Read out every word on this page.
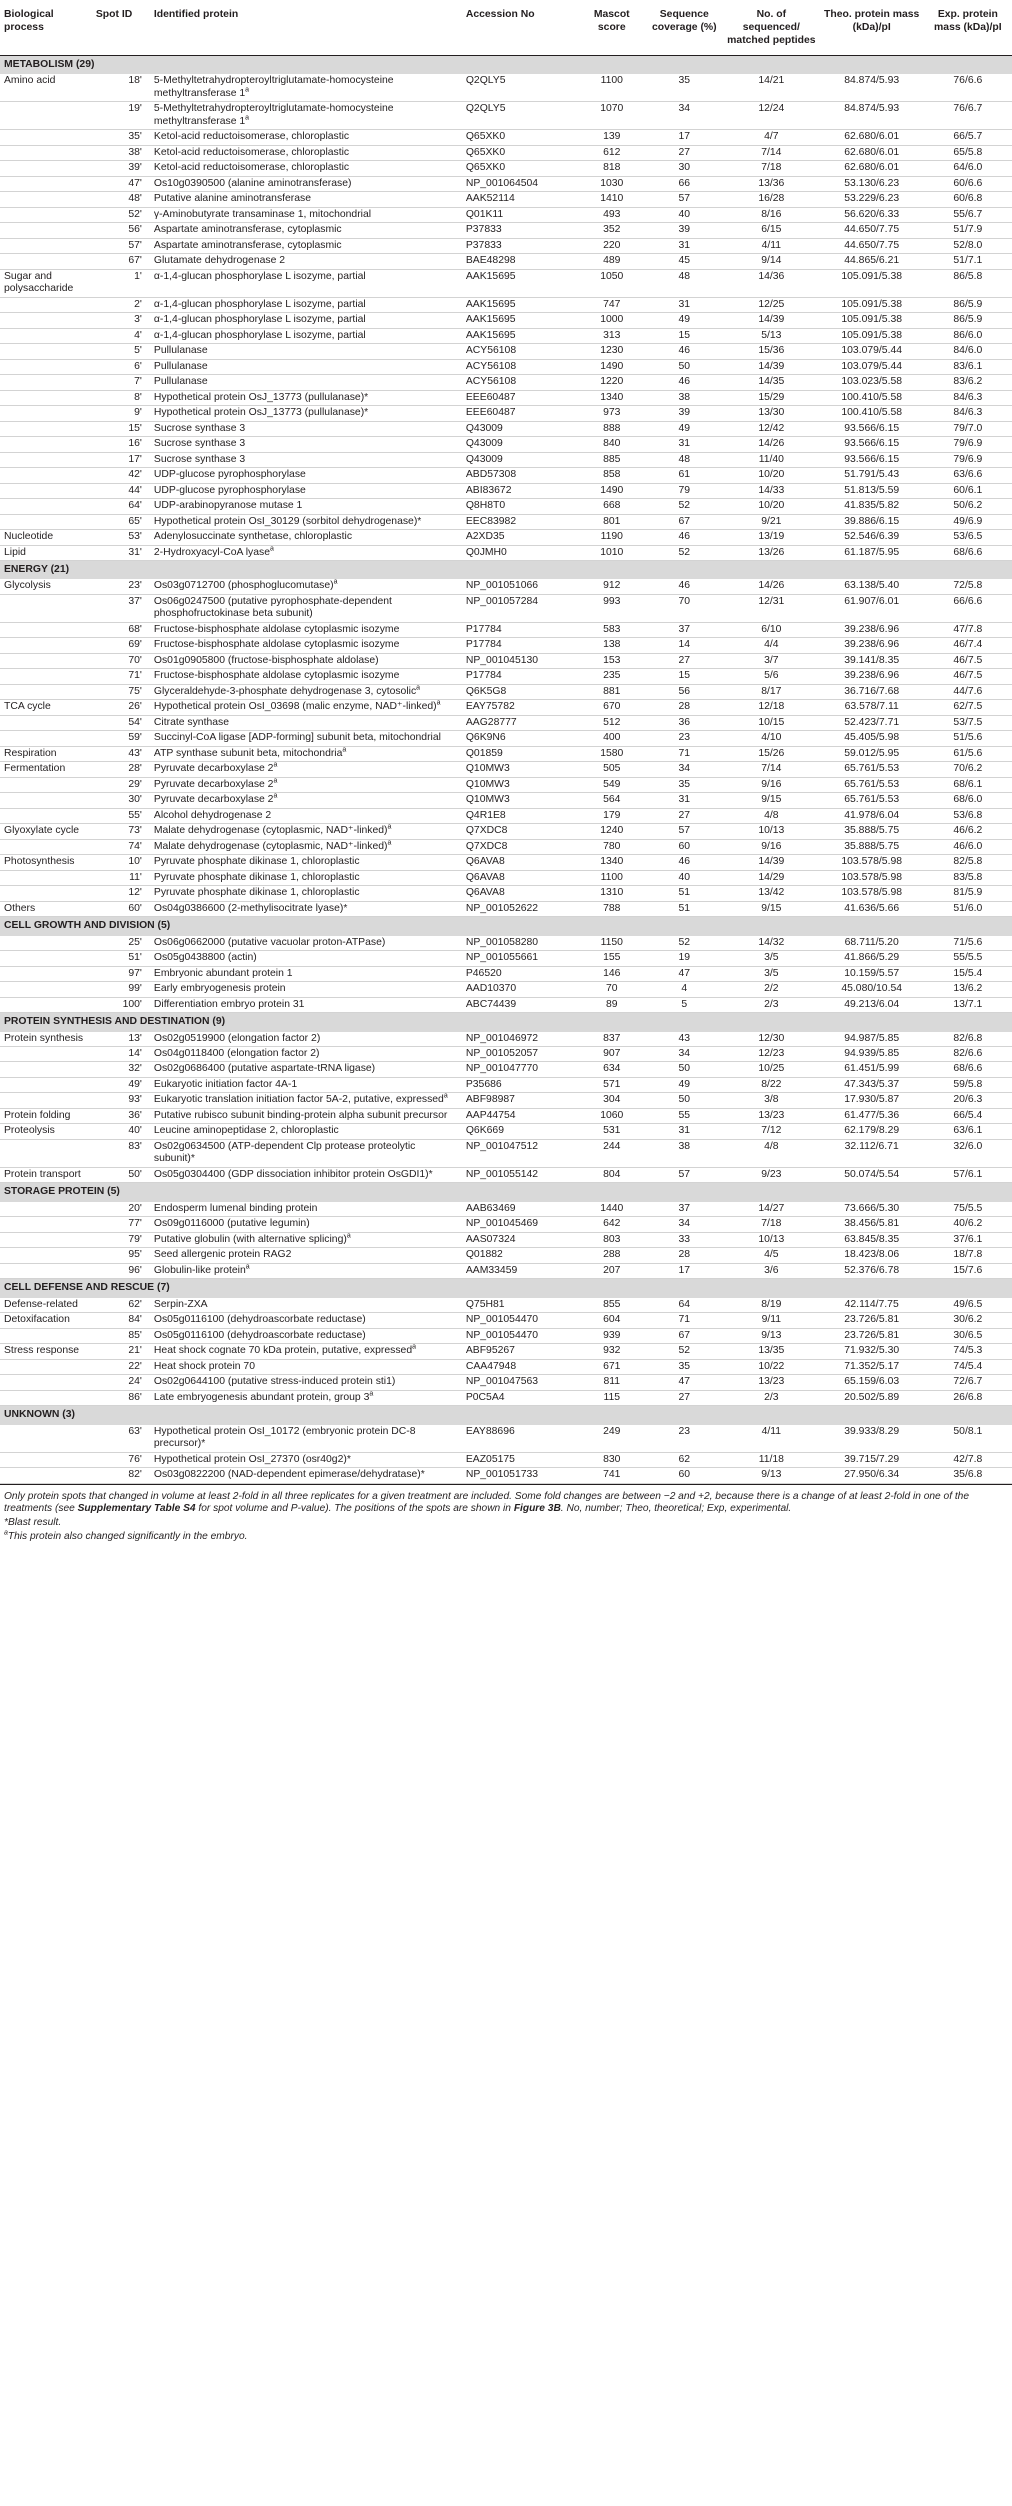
Biological process	Spot ID	Identified protein	Accession No	Mascot score	Sequence coverage (%)	No. of sequenced/ matched peptides	Theo. protein mass (kDa)/pI	Exp. protein mass (kDa)/pI
METABOLISM (29)								
Amino acid	18'	5-Methyltetrahydropteroyltriglutamate-homocysteine methyltransferase 1$^a$	Q2QLY5	1100	35	14/21	84.874/5.93	76/6.6
	19'	5-Methyltetrahydropteroyltriglutamate-homocysteine methyltransferase 1$^a$	Q2QLY5	1070	34	12/24	84.874/5.93	76/6.7
	35'	Ketol-acid reductoisomerase, chloroplastic	Q65XK0	139	17	4/7	62.680/6.01	66/5.7
	38'	Ketol-acid reductoisomerase, chloroplastic	Q65XK0	612	27	7/14	62.680/6.01	65/5.8
	39'	Ketol-acid reductoisomerase, chloroplastic	Q65XK0	818	30	7/18	62.680/6.01	64/6.0
	47'	Os10g0390500 (alanine aminotransferase)	NP_001064504	1030	66	13/36	53.130/6.23	60/6.6
	48'	Putative alanine aminotransferase	AAK52114	1410	57	16/28	53.229/6.23	60/6.8
	52'	γ-Aminobutyrate transaminase 1, mitochondrial	Q01K11	493	40	8/16	56.620/6.33	55/6.7
	56'	Aspartate aminotransferase, cytoplasmic	P37833	352	39	6/15	44.650/7.75	51/7.9
	57'	Aspartate aminotransferase, cytoplasmic	P37833	220	31	4/11	44.650/7.75	52/8.0
	67'	Glutamate dehydrogenase 2	BAE48298	489	45	9/14	44.865/6.21	51/7.1
Sugar and polysaccharide	1'	α-1,4-glucan phosphorylase L isozyme, partial	AAK15695	1050	48	14/36	105.091/5.38	86/5.8
	2'	α-1,4-glucan phosphorylase L isozyme, partial	AAK15695	747	31	12/25	105.091/5.38	86/5.9
	3'	α-1,4-glucan phosphorylase L isozyme, partial	AAK15695	1000	49	14/39	105.091/5.38	86/5.9
	4'	α-1,4-glucan phosphorylase L isozyme, partial	AAK15695	313	15	5/13	105.091/5.38	86/6.0
	5'	Pullulanase	ACY56108	1230	46	15/36	103.079/5.44	84/6.0
	6'	Pullulanase	ACY56108	1490	50	14/39	103.079/5.44	83/6.1
	7'	Pullulanase	ACY56108	1220	46	14/35	103.023/5.58	83/6.2
	8'	Hypothetical protein OsJ_13773 (pullulanase)*	EEE60487	1340	38	15/29	100.410/5.58	84/6.3
	9'	Hypothetical protein OsJ_13773 (pullulanase)*	EEE60487	973	39	13/30	100.410/5.58	84/6.3
	15'	Sucrose synthase 3	Q43009	888	49	12/42	93.566/6.15	79/7.0
	16'	Sucrose synthase 3	Q43009	840	31	14/26	93.566/6.15	79/6.9
	17'	Sucrose synthase 3	Q43009	885	48	11/40	93.566/6.15	79/6.9
	42'	UDP-glucose pyrophosphorylase	ABD57308	858	61	10/20	51.791/5.43	63/6.6
	44'	UDP-glucose pyrophosphorylase	ABI83672	1490	79	14/33	51.813/5.59	60/6.1
	64'	UDP-arabinopyranose mutase 1	Q8H8T0	668	52	10/20	41.835/5.82	50/6.2
	65'	Hypothetical protein OsI_30129 (sorbitol dehydrogenase)*	EEC83982	801	67	9/21	39.886/6.15	49/6.9
Nucleotide	53'	Adenylosuccinate synthetase, chloroplastic	A2XD35	1190	46	13/19	52.546/6.39	53/6.5
Lipid	31'	2-Hydroxyacyl-CoA lyase$^a$	Q0JMH0	1010	52	13/26	61.187/5.95	68/6.6
ENERGY (21)								
Glycolysis	23'	Os03g0712700 (phosphoglucomutase)$^a$	NP_001051066	912	46	14/26	63.138/5.40	72/5.8
	37'	Os06g0247500 (putative pyrophosphate-dependent phosphofructokinase beta subunit)	NP_001057284	993	70	12/31	61.907/6.01	66/6.6
	68'	Fructose-bisphosphate aldolase cytoplasmic isozyme	P17784	583	37	6/10	39.238/6.96	47/7.8
	69'	Fructose-bisphosphate aldolase cytoplasmic isozyme	P17784	138	14	4/4	39.238/6.96	46/7.4
	70'	Os01g0905800 (fructose-bisphosphate aldolase)	NP_001045130	153	27	3/7	39.141/8.35	46/7.5
	71'	Fructose-bisphosphate aldolase cytoplasmic isozyme	P17784	235	15	5/6	39.238/6.96	46/7.5
	75'	Glyceraldehyde-3-phosphate dehydrogenase 3, cytosolic$^a$	Q6K5G8	881	56	8/17	36.716/7.68	44/7.6
TCA cycle	26'	Hypothetical protein OsI_03698 (malic enzyme, NAD⁺-linked)$^a$	EAY75782	670	28	12/18	63.578/7.11	62/7.5
	54'	Citrate synthase	AAG28777	512	36	10/15	52.423/7.71	53/7.5
	59'	Succinyl-CoA ligase [ADP-forming] subunit beta, mitochondrial	Q6K9N6	400	23	4/10	45.405/5.98	51/5.6
Respiration	43'	ATP synthase subunit beta, mitochondria$^a$	Q01859	1580	71	15/26	59.012/5.95	61/5.6
Fermentation	28'	Pyruvate decarboxylase 2$^a$	Q10MW3	505	34	7/14	65.761/5.53	70/6.2
	29'	Pyruvate decarboxylase 2$^a$	Q10MW3	549	35	9/16	65.761/5.53	68/6.1
	30'	Pyruvate decarboxylase 2$^a$	Q10MW3	564	31	9/15	65.761/5.53	68/6.0
	55'	Alcohol dehydrogenase 2	Q4R1E8	179	27	4/8	41.978/6.04	53/6.8
Glyoxylate cycle	73'	Malate dehydrogenase (cytoplasmic, NAD⁺-linked)$^a$	Q7XDC8	1240	57	10/13	35.888/5.75	46/6.2
	74'	Malate dehydrogenase (cytoplasmic, NAD⁺-linked)$^a$	Q7XDC8	780	60	9/16	35.888/5.75	46/6.0
Photosynthesis	10'	Pyruvate phosphate dikinase 1, chloroplastic	Q6AVA8	1340	46	14/39	103.578/5.98	82/5.8
	11'	Pyruvate phosphate dikinase 1, chloroplastic	Q6AVA8	1100	40	14/29	103.578/5.98	83/5.8
	12'	Pyruvate phosphate dikinase 1, chloroplastic	Q6AVA8	1310	51	13/42	103.578/5.98	81/5.9
Others	60'	Os04g0386600 (2-methylisocitrate lyase)*	NP_001052622	788	51	9/15	41.636/5.66	51/6.0
CELL GROWTH AND DIVISION (5)								
	25'	Os06g0662000 (putative vacuolar proton-ATPase)	NP_001058280	1150	52	14/32	68.711/5.20	71/5.6
	51'	Os05g0438800 (actin)	NP_001055661	155	19	3/5	41.866/5.29	55/5.5
	97'	Embryonic abundant protein 1	P46520	146	47	3/5	10.159/5.57	15/5.4
	99'	Early embryogenesis protein	AAD10370	70	4	2/2	45.080/10.54	13/6.2
	100'	Differentiation embryo protein 31	ABC74439	89	5	2/3	49.213/6.04	13/7.1
PROTEIN SYNTHESIS AND DESTINATION (9)								
Protein synthesis	13'	Os02g0519900 (elongation factor 2)	NP_001046972	837	43	12/30	94.987/5.85	82/6.8
	14'	Os04g0118400 (elongation factor 2)	NP_001052057	907	34	12/23	94.939/5.85	82/6.6
	32'	Os02g0686400 (putative aspartate-tRNA ligase)	NP_001047770	634	50	10/25	61.451/5.99	68/6.6
	49'	Eukaryotic initiation factor 4A-1	P35686	571	49	8/22	47.343/5.37	59/5.8
	93'	Eukaryotic translation initiation factor 5A-2, putative, expressed$^a$	ABF98987	304	50	3/8	17.930/5.87	20/6.3
Protein folding	36'	Putative rubisco subunit binding-protein alpha subunit precursor	AAP44754	1060	55	13/23	61.477/5.36	66/5.4
Proteolysis	40'	Leucine aminopeptidase 2, chloroplastic	Q6K669	531	31	7/12	62.179/8.29	63/6.1
	83'	Os02g0634500 (ATP-dependent Clp protease proteolytic subunit)*	NP_001047512	244	38	4/8	32.112/6.71	32/6.0
Protein transport	50'	Os05g0304400 (GDP dissociation inhibitor protein OsGDI1)*	NP_001055142	804	57	9/23	50.074/5.54	57/6.1
STORAGE PROTEIN (5)								
	20'	Endosperm lumenal binding protein	AAB63469	1440	37	14/27	73.666/5.30	75/5.5
	77'	Os09g0116000 (putative legumin)	NP_001045469	642	34	7/18	38.456/5.81	40/6.2
	79'	Putative globulin (with alternative splicing)$^a$	AAS07324	803	33	10/13	63.845/8.35	37/6.1
	95'	Seed allergenic protein RAG2	Q01882	288	28	4/5	18.423/8.06	18/7.8
	96'	Globulin-like protein$^a$	AAM33459	207	17	3/6	52.376/6.78	15/7.6
CELL DEFENSE AND RESCUE (7)								
Defense-related	62'	Serpin-ZXA	Q75H81	855	64	8/19	42.114/7.75	49/6.5
Detoxifacation	84'	Os05g0116100 (dehydroascorbate reductase)	NP_001054470	604	71	9/11	23.726/5.81	30/6.2
	85'	Os05g0116100 (dehydroascorbate reductase)	NP_001054470	939	67	9/13	23.726/5.81	30/6.5
Stress response	21'	Heat shock cognate 70 kDa protein, putative, expressed$^a$	ABF95267	932	52	13/35	71.932/5.30	74/5.3
	22'	Heat shock protein 70	CAA47948	671	35	10/22	71.352/5.17	74/5.4
	24'	Os02g0644100 (putative stress-induced protein sti1)	NP_001047563	811	47	13/23	65.159/6.03	72/6.7
	86'	Late embryogenesis abundant protein, group 3$^a$	P0C5A4	115	27	2/3	20.502/5.89	26/6.8
UNKNOWN (3)								
	63'	Hypothetical protein OsI_10172 (embryonic protein DC-8 precursor)*	EAY88696	249	23	4/11	39.933/8.29	50/8.1
	76'	Hypothetical protein OsI_27370 (osr40g2)*	EAZ05175	830	62	11/18	39.715/7.29	42/7.8
	82'	Os03g0822200 (NAD-dependent epimerase/dehydratase)*	NP_001051733	741	60	9/13	27.950/6.34	35/6.8

Only protein spots that changed in volume at least 2-fold in all three replicates for a given treatment are included. Some fold changes are between −2 and +2, because there is a change of at least 2-fold in one of the treatments (see Supplementary Table S4 for spot volume and P-value). The positions of the spots are shown in Figure 3B. No, number; Theo, theoretical; Exp, experimental.

*Blast result.

$^a$This protein also changed significantly in the embryo.
